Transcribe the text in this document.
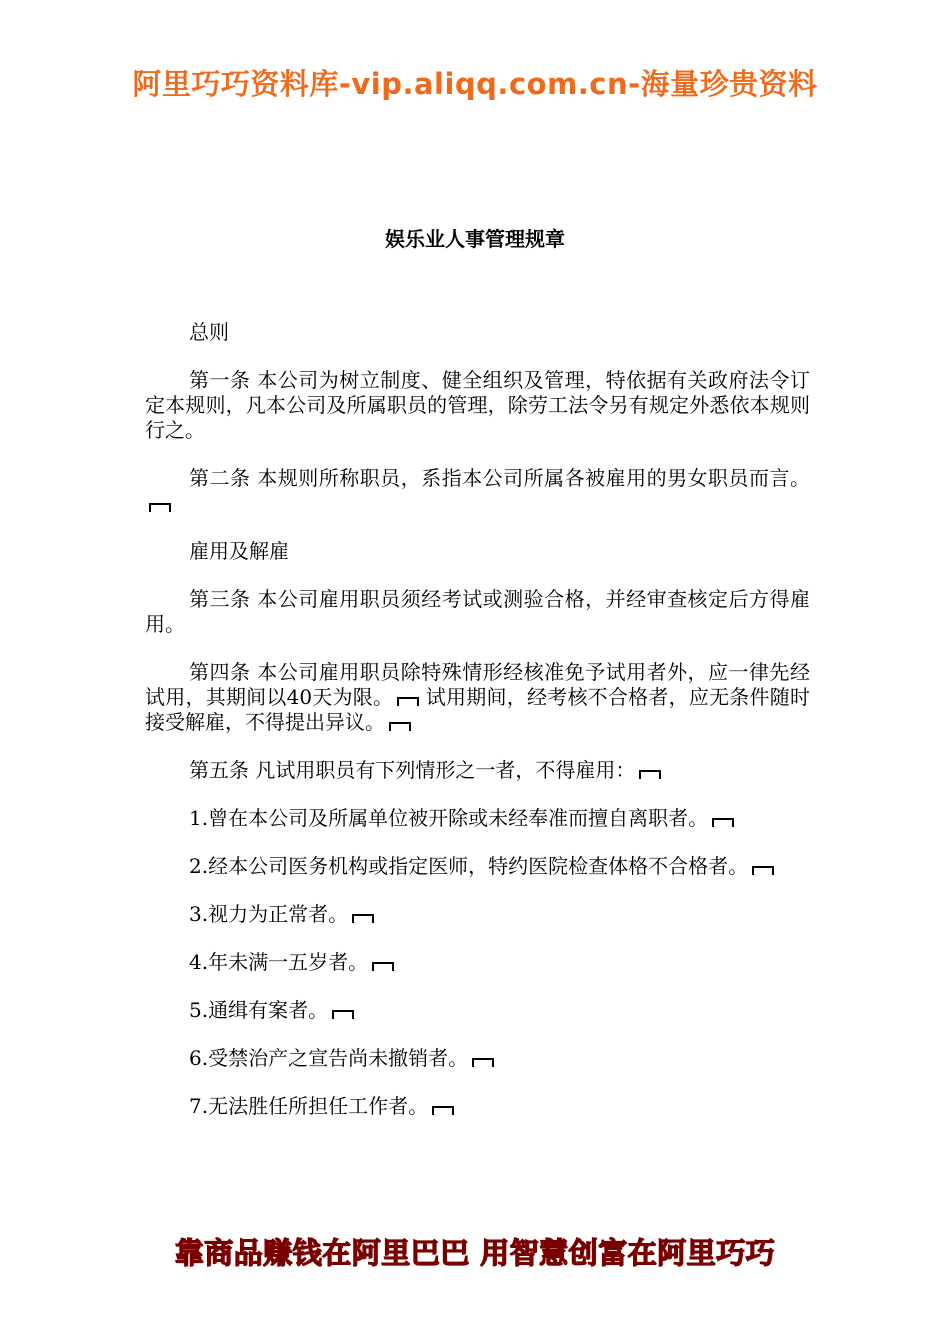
阿里巧巧资料库-vip.aliqq.com.cn-海量珍贵资料
娱乐业人事管理规章

总则

第一条 本公司为树立制度、健全组织及管理，特依据有关政府法令订定本规则，凡本公司及所属职员的管理，除劳工法令另有规定外悉依本规则行之。

第二条 本规则所称职员，系指本公司所属各被雇用的男女职员而言。

雇用及解雇

第三条 本公司雇用职员须经考试或测验合格，并经审查核定后方得雇用。

第四条 本公司雇用职员除特殊情形经核准免予试用者外，应一律先经试用，其期间以40天为限。 试用期间，经考核不合格者，应无条件随时接受解雇，不得提出异议。

第五条 凡试用职员有下列情形之一者，不得雇用：

1.曾在本公司及所属单位被开除或未经奉准而擅自离职者。

2.经本公司医务机构或指定医师，特约医院检查体格不合格者。

3.视力为正常者。

4.年未满一五岁者。

5.通缉有案者。

6.受禁治产之宣告尚未撤销者。

7.无法胜任所担任工作者。

靠商品赚钱在阿里巴巴 用智慧创富在阿里巧巧
